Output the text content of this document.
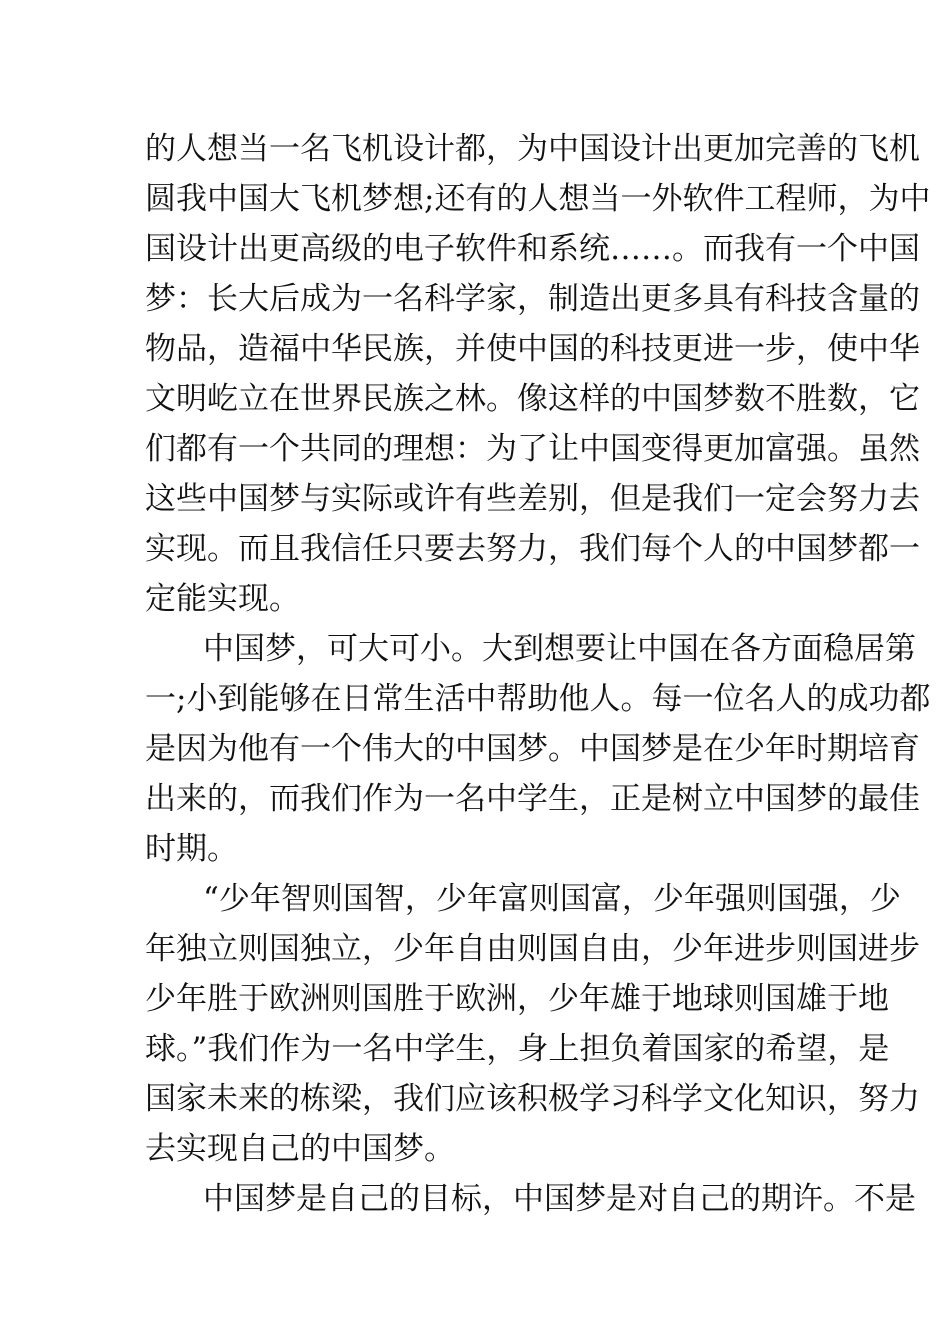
的人想当一名飞机设计都，为中国设计出更加完善的飞机
圆我中国大飞机梦想;还有的人想当一外软件工程师，为中
国设计出更高级的电子软件和系统……。而我有一个中国
梦：长大后成为一名科学家，制造出更多具有科技含量的
物品，造福中华民族，并使中国的科技更进一步，使中华
文明屹立在世界民族之林。像这样的中国梦数不胜数，它
们都有一个共同的理想：为了让中国变得更加富强。虽然
这些中国梦与实际或许有些差别，但是我们一定会努力去
实现。而且我信任只要去努力，我们每个人的中国梦都一
定能实现。
中国梦，可大可小。大到想要让中国在各方面稳居第
一;小到能够在日常生活中帮助他人。每一位名人的成功都
是因为他有一个伟大的中国梦。中国梦是在少年时期培育
出来的，而我们作为一名中学生，正是树立中国梦的最佳
时期。
“少年智则国智，少年富则国富，少年强则国强，少
年独立则国独立，少年自由则国自由，少年进步则国进步
少年胜于欧洲则国胜于欧洲，少年雄于地球则国雄于地
球。”我们作为一名中学生，身上担负着国家的希望，是
国家未来的栋梁，我们应该积极学习科学文化知识，努力
去实现自己的中国梦。
中国梦是自己的目标，中国梦是对自己的期许。不是
